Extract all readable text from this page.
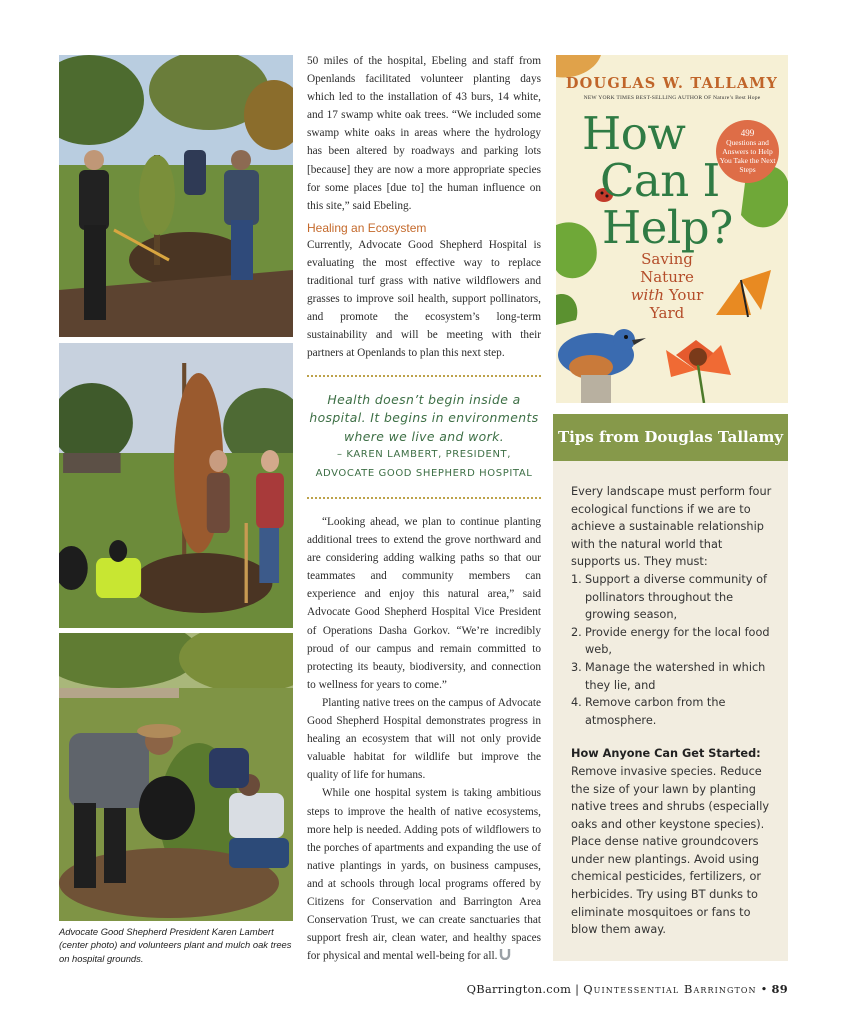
Advocate Good Shepherd President Karen Lambert (center photo) and volunteers plant and mulch oak trees on hospital grounds.

50 miles of the hospital, Ebeling and staff from Openlands facilitated volunteer planting days which led to the installation of 43 burs, 14 white, and 17 swamp white oak trees. “We included some swamp white oaks in areas where the hydrology has been altered by roadways and parking lots [because] they are now a more appropriate species for some places [due to] the human influence on this site,” said Ebeling.

Healing an Ecosystem

Currently, Advocate Good Shepherd Hospital is evaluating the most effective way to replace traditional turf grass with native wildflowers and grasses to improve soil health, support pollinators, and promote the ecosystem’s long-term sustainability and will be meeting with their partners at Openlands to plan this next step.

Health doesn’t begin inside a hospital. It begins in environments where we live and work.
– KAREN LAMBERT, PRESIDENT, ADVOCATE GOOD SHEPHERD HOSPITAL

“Looking ahead, we plan to continue planting additional trees to extend the grove northward and are considering adding walking paths so that our teammates and community members can experience and enjoy this natural area,” said Advocate Good Shepherd Hospital Vice President of Operations Dasha Gorkov. “We’re incredibly proud of our campus and remain committed to protecting its beauty, biodiversity, and connection to wellness for years to come.”

Planting native trees on the campus of Advocate Good Shepherd Hospital demonstrates progress in healing an ecosystem that will not only provide valuable habitat for wildlife but improve the quality of life for humans.

While one hospital system is taking ambitious steps to improve the health of native ecosystems, more help is needed. Adding pots of wildflowers to the porches of apartments and expanding the use of native plantings in yards, on business campuses, and at schools through local programs offered by Citizens for Conservation and Barrington Area Conservation Trust, we can create sanctuaries that support fresh air, clean water, and healthy spaces for physical and mental well-being for all.

DOUGLAS W. TALLAMY
NEW YORK TIMES BEST-SELLING AUTHOR OF Nature’s Best Hope
How
Can I
Help?
499
Questions and Answers to Help You Take the Next Steps
Saving
Nature
with Your
Yard
Tips from Douglas Tallamy

Every landscape must perform four ecological functions if we are to achieve a sustainable relationship with the natural world that supports us. They must:

1. Support a diverse community of pollinators throughout the growing season,
2. Provide energy for the local food web,
3. Manage the watershed in which they lie, and
4. Remove carbon from the atmosphere.
How Anyone Can Get Started:

Remove invasive species. Reduce the size of your lawn by planting native trees and shrubs (especially oaks and other keystone species). Place dense native groundcovers under new plantings. Avoid using chemical pesticides, fertilizers, or herbicides. Try using BT dunks to eliminate mosquitoes or fans to blow them away.

QBarrington.com | Quintessential Barrington • 89
